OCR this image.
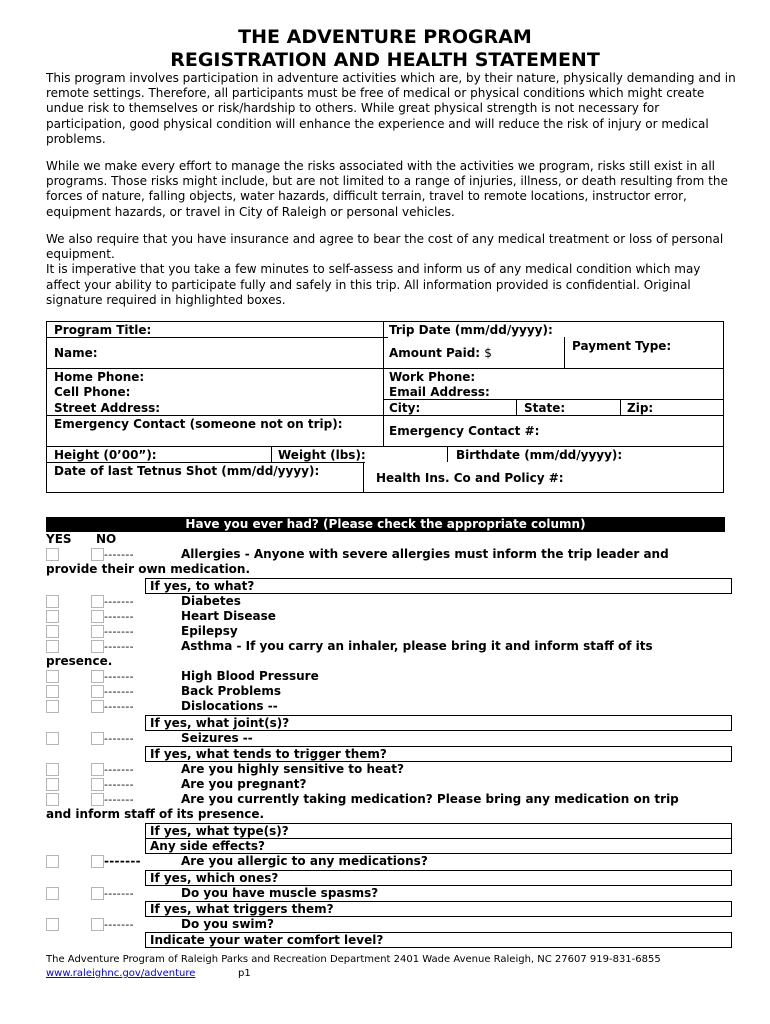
THE ADVENTURE PROGRAM
REGISTRATION AND HEALTH STATEMENT

This program involves participation in adventure activities which are, by their nature, physically demanding and in remote settings. Therefore, all participants must be free of medical or physical conditions which might create undue risk to themselves or risk/hardship to others. While great physical strength is not necessary for participation, good physical condition will enhance the experience and will reduce the risk of injury or medical problems.

While we make every effort to manage the risks associated with the activities we program, risks still exist in all programs. Those risks might include, but are not limited to a range of injuries, illness, or death resulting from the forces of nature, falling objects, water hazards, difficult terrain, travel to remote locations, instructor error, equipment hazards, or travel in City of Raleigh or personal vehicles.

We also require that you have insurance and agree to bear the cost of any medical treatment or loss of personal equipment.

It is imperative that you take a few minutes to self-assess and inform us of any medical condition which may affect your ability to participate fully and safely in this trip. All information provided is confidential. Original signature required in highlighted boxes.

Program Title:	Trip Date (mm/dd/yyyy):
Name:	Amount Paid: $	Payment Type:
Home Phone:	Work Phone:
Cell Phone:	Email Address:
Street Address:	City:	State:	Zip:
Emergency Contact (someone not on trip):	Emergency Contact #:
Height (0’00”):	Weight (lbs):	Birthdate (mm/dd/yyyy):
Date of last Tetnus Shot (mm/dd/yyyy):	Health Ins. Co and Policy #:
Have you ever had? (Please check the appropriate column)
YES NO
-------	Allergies - Anyone with severe allergies must inform the trip leader and
provide their own medication.
If yes, to what?
-------	Diabetes
-------	Heart Disease
-------	Epilepsy
-------	Asthma - If you carry an inhaler, please bring it and inform staff of its
presence.
-------	High Blood Pressure
-------	Back Problems
-------	Dislocations --
If yes, what joint(s)?
-------	Seizures --
If yes, what tends to trigger them?
-------	Are you highly sensitive to heat?
-------	Are you pregnant?
-------	Are you currently taking medication? Please bring any medication on trip
and inform staff of its presence.
If yes, what type(s)?
Any side effects?
-------	Are you allergic to any medications?
If yes, which ones?
-------	Do you have muscle spasms?
If yes, what triggers them?
-------	Do you swim?
Indicate your water comfort level?
The Adventure Program of Raleigh Parks and Recreation Department 2401 Wade Avenue Raleigh, NC 27607 919-831-6855
www.raleighnc.gov/adventure	p1
